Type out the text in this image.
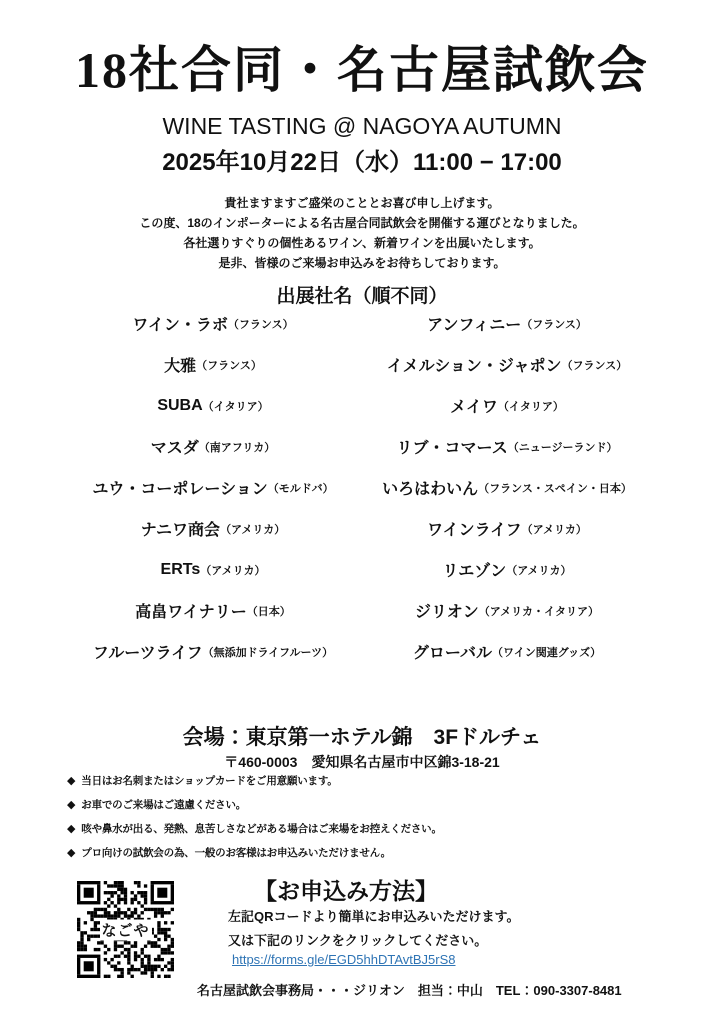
18社合同・名古屋試飲会
WINE TASTING @ NAGOYA AUTUMN
2025年10月22日（水）11:00 − 17:00
貴社ますますご盛栄のこととお喜び申し上げます。
この度、18のインポーターによる名古屋合同試飲会を開催する運びとなりました。
各社選りすぐりの個性あるワイン、新着ワインを出展いたします。
是非、皆様のご来場お申込みをお待ちしております。
出展社名（順不同）
ワイン・ラボ （フランス）
大雅 （フランス）
SUBA （イタリア）
マスダ （南アフリカ）
ユウ・コーポレーション （モルドバ）
ナニワ商会 （アメリカ）
ERTs （アメリカ）
高畠ワイナリー （日本）
フルーツライフ （無添加ドライフルーツ）
アンフィニー （フランス）
イメルション・ジャポン （フランス）
メイワ （イタリア）
リブ・コマース （ニュージーランド）
いろはわいん （フランス・スペイン・日本）
ワインライフ （アメリカ）
リエゾン （アメリカ）
ジリオン （アメリカ・イタリア）
グローバル （ワイン関連グッズ）
会場：東京第一ホテル錦　3Fドルチェ
〒460-0003　愛知県名古屋市中区錦3-18-21
◆ 当日はお名刺またはショップカードをご用意願います。
◆ お車でのご来場はご遠慮ください。
◆ 咳や鼻水が出る、発熱、息苦しさなどがある場合はご来場をお控えください。
◆ プロ向けの試飲会の為、一般のお客様はお申込みいただけません。
なごや
【お申込み方法】
左記QRコードより簡単にお申込みいただけます。
又は下記のリンクをクリックしてください。
https://forms.gle/EGD5hhDTAvtBJ5rS8
名古屋試飲会事務局・・・ジリオン　担当：中山　TEL：090-3307-8481
